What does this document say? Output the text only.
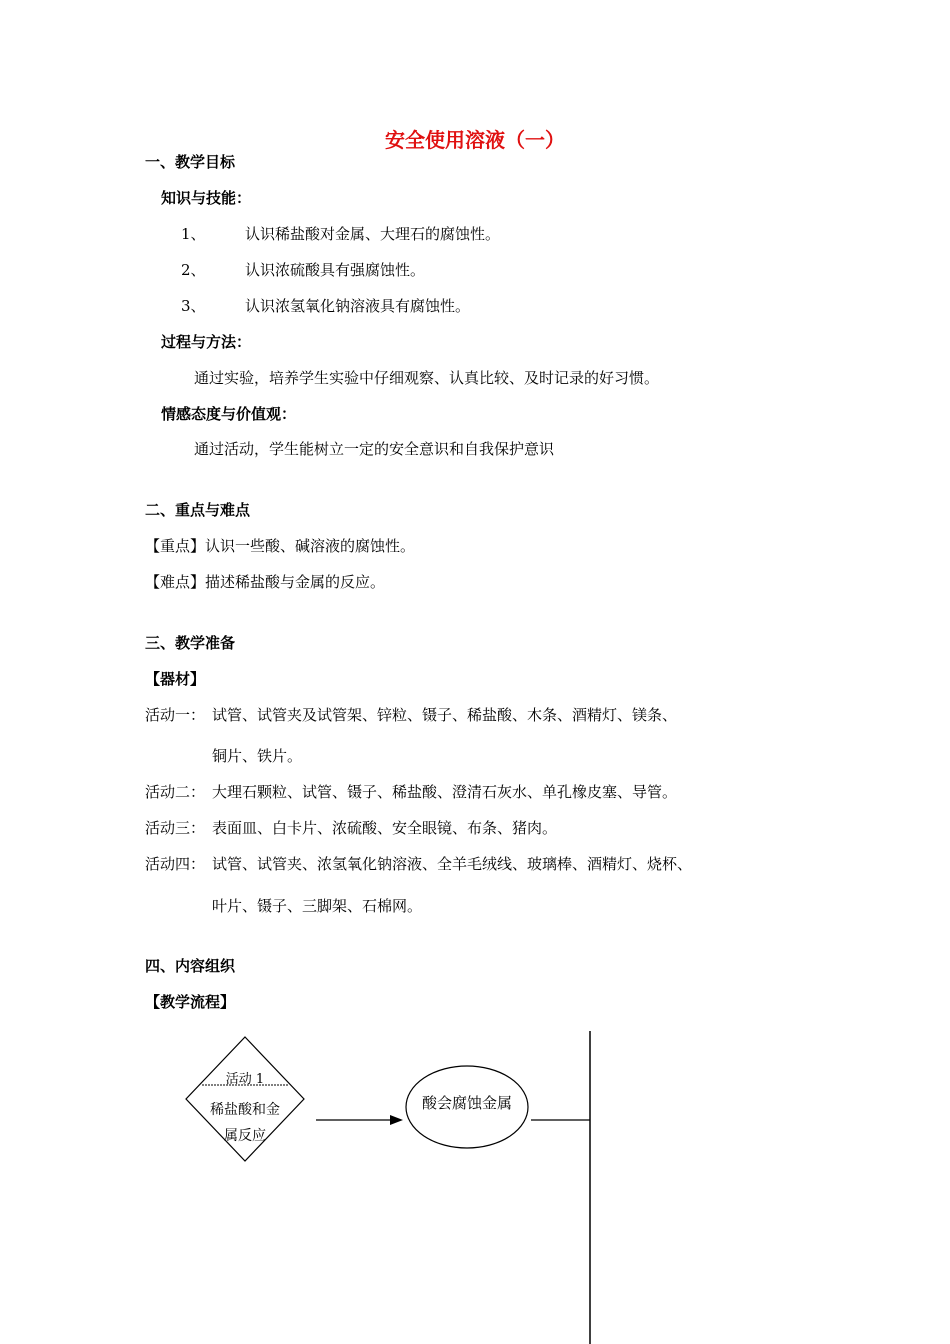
安全使用溶液（一）
一、教学目标
知识与技能：
1、	认识稀盐酸对金属、大理石的腐蚀性。
2、	认识浓硫酸具有强腐蚀性。
3、	认识浓氢氧化钠溶液具有腐蚀性。
过程与方法：
通过实验，培养学生实验中仔细观察、认真比较、及时记录的好习惯。
情感态度与价值观：
通过活动，学生能树立一定的安全意识和自我保护意识
二、重点与难点
【重点】认识一些酸、碱溶液的腐蚀性。
【难点】描述稀盐酸与金属的反应。
三、教学准备
【器材】
活动一： 试管、试管夹及试管架、锌粒、镊子、稀盐酸、木条、酒精灯、镁条、
铜片、铁片。
活动二： 大理石颗粒、试管、镊子、稀盐酸、澄清石灰水、单孔橡皮塞、导管。
活动三： 表面皿、白卡片、浓硫酸、安全眼镜、布条、猪肉。
活动四： 试管、试管夹、浓氢氧化钠溶液、全羊毛绒线、玻璃棒、酒精灯、烧杯、
叶片、镊子、三脚架、石棉网。
四、内容组织
【教学流程】
活动 1
稀盐酸和金
属反应
酸会腐蚀金属
